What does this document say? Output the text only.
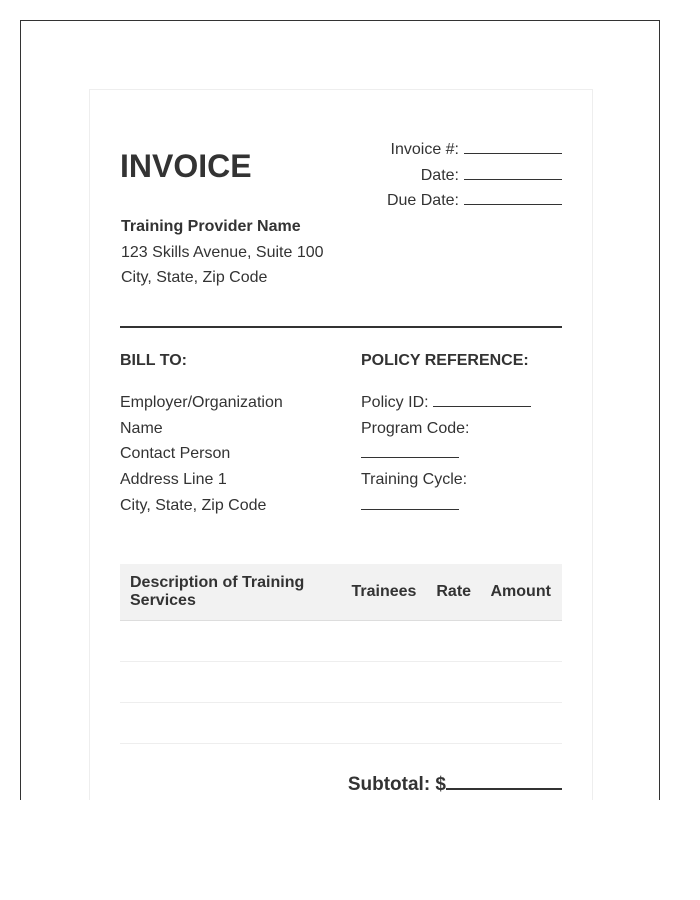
INVOICE	Invoice #:
Date:
Due Date:
Training Provider Name
123 Skills Avenue, Suite 100
City, State, Zip Code
BILL TO:	POLICY REFERENCE:
Employer/Organization
Name
Contact Person
Address Line 1
City, State, Zip Code
Policy ID:
Program Code:
Training Cycle:
Description of Training Services	Trainees	Rate	Amount

Subtotal: $
